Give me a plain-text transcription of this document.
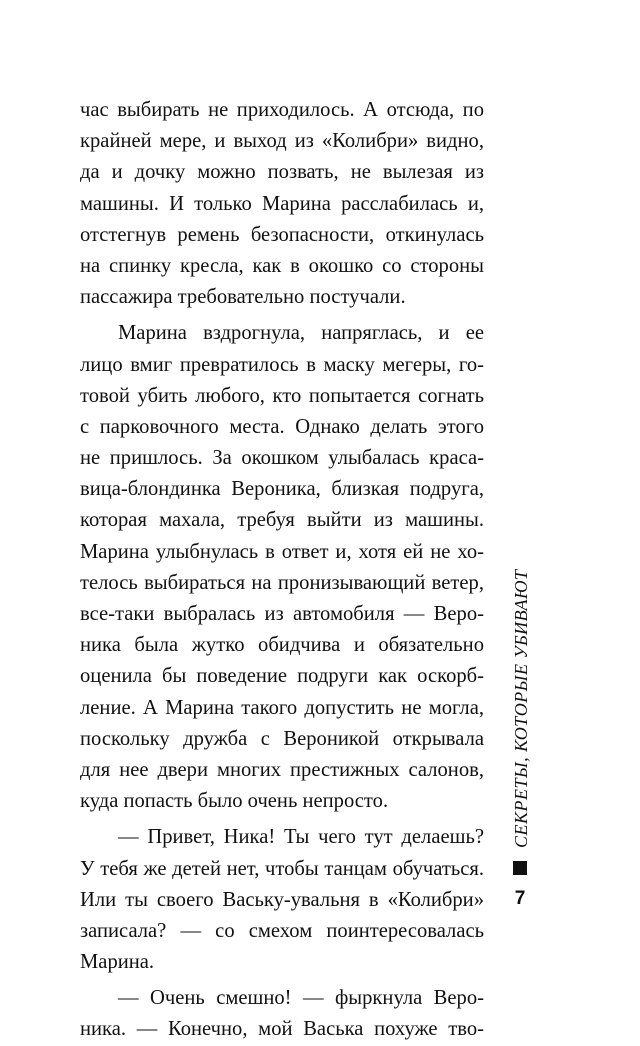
час выбирать не приходилось. А отсюда, по
крайней мере, и выход из «Колибри» видно,
да и дочку можно позвать, не вылезая из
машины. И только Марина расслабилась и,
отстегнув ремень безопасности, откинулась
на спинку кресла, как в окошко со стороны
пассажира требовательно постучали.
Марина вздрогнула, напряглась, и ее
лицо вмиг превратилось в маску мегеры, го-
товой убить любого, кто попытается согнать
с парковочного места. Однако делать этого
не пришлось. За окошком улыбалась краса-
вица-блондинка Вероника, близкая подруга,
которая махала, требуя выйти из машины.
Марина улыбнулась в ответ и, хотя ей не хо-
телось выбираться на пронизывающий ветер,
все-таки выбралась из автомобиля — Веро-
ника была жутко обидчива и обязательно
оценила бы поведение подруги как оскорб-
ление. А Марина такого допустить не могла,
поскольку дружба с Вероникой открывала
для нее двери многих престижных салонов,
куда попасть было очень непросто.
— Привет, Ника! Ты чего тут делаешь?
У тебя же детей нет, чтобы танцам обучаться.
Или ты своего Ваську-увальня в «Колибри»
записала? — со смехом поинтересовалась
Марина.
— Очень смешно! — фыркнула Веро-
ника. — Конечно, мой Васька похуже тво-
СЕКРЕТЫ, КОТОРЫЕ УБИВАЮТ
7
